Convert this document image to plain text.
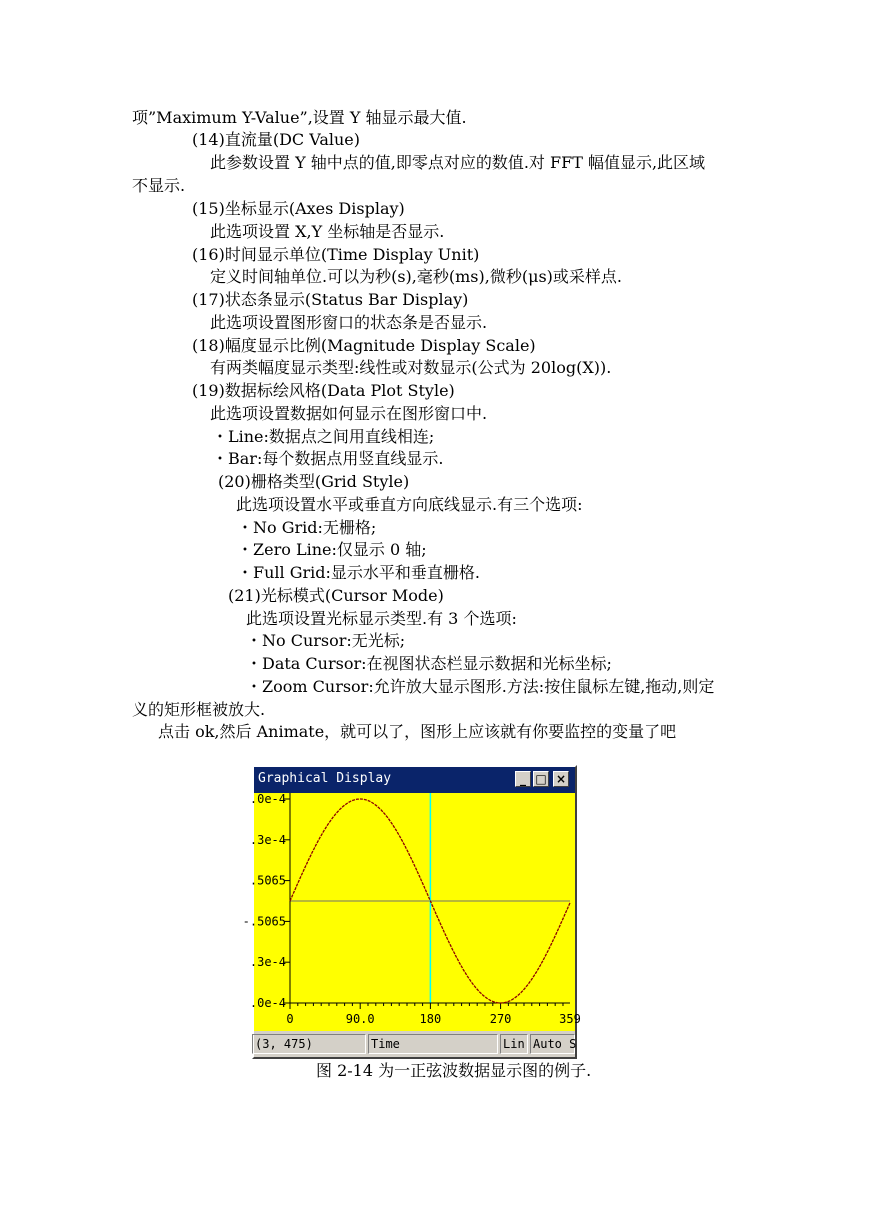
项”Maximum Y-Value”,设置 Y 轴显示最大值.
(14)直流量(DC Value)
此参数设置 Y 轴中点的值,即零点对应的数值.对 FFT 幅值显示,此区域
不显示.
(15)坐标显示(Axes Display)
此选项设置 X,Y 坐标轴是否显示.
(16)时间显示单位(Time Display Unit)
定义时间轴单位.可以为秒(s),毫秒(ms),微秒(μs)或采样点.
(17)状态条显示(Status Bar Display)
此选项设置图形窗口的状态条是否显示.
(18)幅度显示比例(Magnitude Display Scale)
有两类幅度显示类型:线性或对数显示(公式为 20log(X)).
(19)数据标绘风格(Data Plot Style)
此选项设置数据如何显示在图形窗口中.
・Line:数据点之间用直线相连;
・Bar:每个数据点用竖直线显示.
(20)栅格类型(Grid Style)
此选项设置水平或垂直方向底线显示.有三个选项:
・No Grid:无栅格;
・Zero Line:仅显示 0 轴;
・Full Grid:显示水平和垂直栅格.
(21)光标模式(Cursor Mode)
此选项设置光标显示类型.有 3 个选项:
・No Cursor:无光标;
・Data Cursor:在视图状态栏显示数据和光标坐标;
・Zoom Cursor:允许放大显示图形.方法:按住鼠标左键,拖动,则定
义的矩形框被放大.
点击 ok,然后 Animate，就可以了，图形上应该就有你要监控的变量了吧
Graphical Display	_ □ ×
0	90.0	180	270	359
.0e-4
.3e-4
.5065
-.5065
.3e-4
.0e-4
(3, 475)	Time	Lin Auto S
图 2-14 为一正弦波数据显示图的例子.
